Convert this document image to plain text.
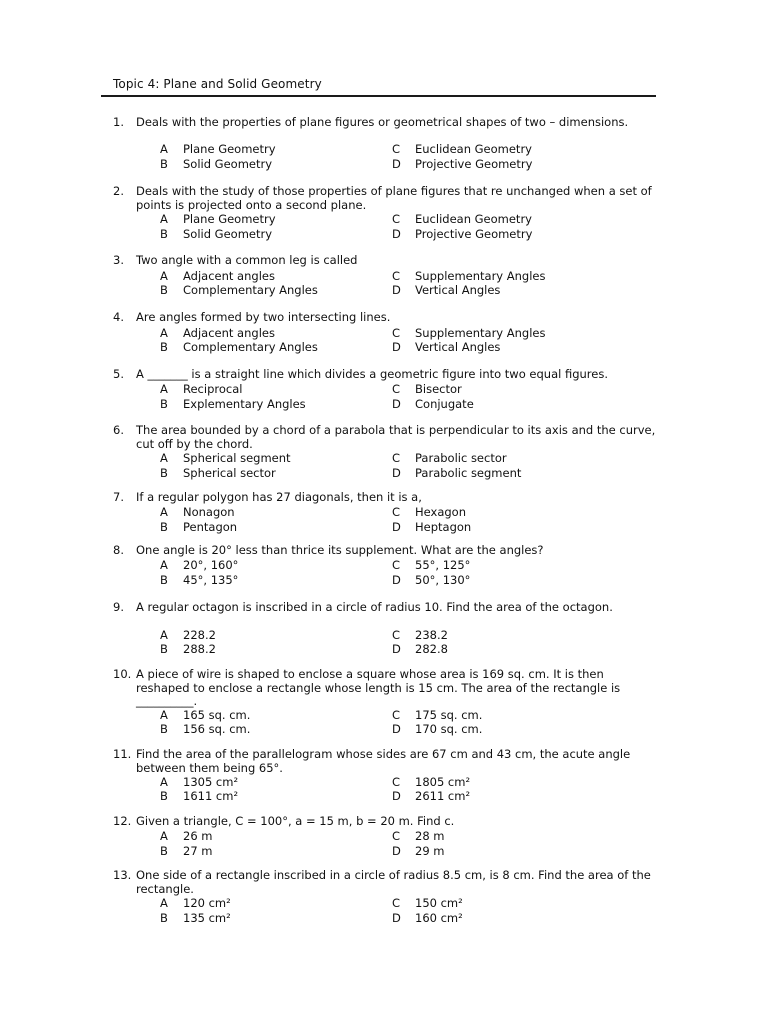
Topic 4: Plane and Solid Geometry
1. Deals with the properties of plane figures or geometrical shapes of two – dimensions.
2. Deals with the study of those properties of plane figures that re unchanged when a set of points is projected onto a second plane.
3. Two angle with a common leg is called
4. Are angles formed by two intersecting lines.
5. A _______ is a straight line which divides a geometric figure into two equal figures.
6. The area bounded by a chord of a parabola that is perpendicular to its axis and the curve, cut off by the chord.
7. If a regular polygon has 27 diagonals, then it is a,
8. One angle is 20° less than thrice its supplement. What are the angles?
9. A regular octagon is inscribed in a circle of radius 10. Find the area of the octagon.
10. A piece of wire is shaped to enclose a square whose area is 169 sq. cm. It is then reshaped to enclose a rectangle whose length is 15 cm. The area of the rectangle is __________.
11. Find the area of the parallelogram whose sides are 67 cm and 43 cm, the acute angle between them being 65°.
12. Given a triangle, C = 100°, a = 15 m, b = 20 m. Find c.
13. One side of a rectangle inscribed in a circle of radius 8.5 cm, is 8 cm. Find the area of the rectangle.
A Plane Geometry
B Solid Geometry
C Euclidean Geometry
D Projective Geometry
A Plane Geometry
B Solid Geometry
C Euclidean Geometry
D Projective Geometry
A Adjacent angles
B Complementary Angles
C Supplementary Angles
D Vertical Angles
A Adjacent angles
B Complementary Angles
C Supplementary Angles
D Vertical Angles
A Reciprocal
B Explementary Angles
C Bisector
D Conjugate
A Spherical segment
B Spherical sector
C Parabolic sector
D Parabolic segment
A Nonagon
B Pentagon
C Hexagon
D Heptagon
A 20°, 160°
B 45°, 135°
C 55°, 125°
D 50°, 130°
A 228.2
B 288.2
C 238.2
D 282.8
A 165 sq. cm.
B 156 sq. cm.
C 175 sq. cm.
D 170 sq. cm.
A 1305 cm²
B 1611 cm²
C 1805 cm²
D 2611 cm²
A 26 m
B 27 m
C 28 m
D 29 m
A 120 cm²
B 135 cm²
C 150 cm²
D 160 cm²
